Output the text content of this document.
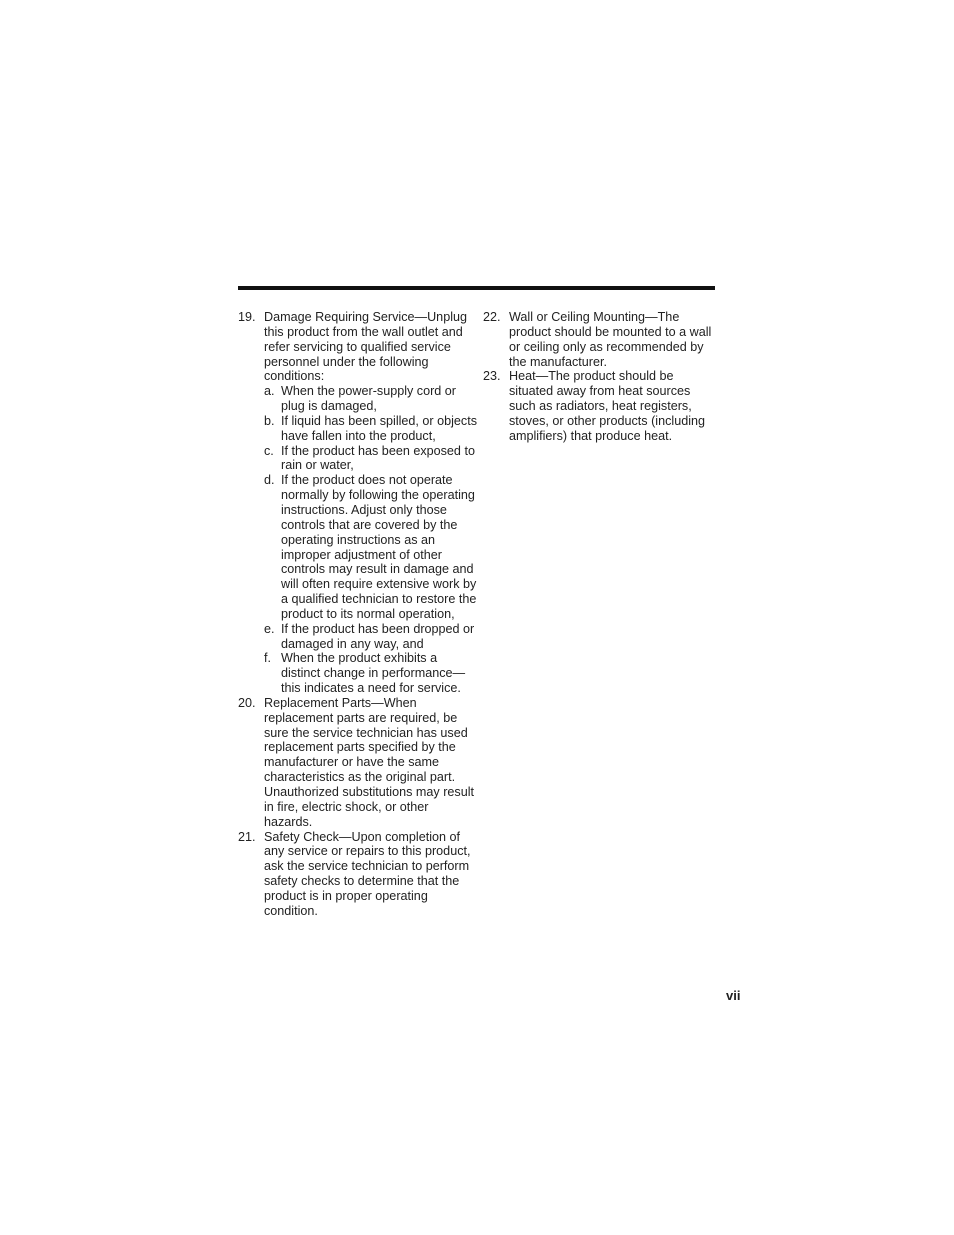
19. Damage Requiring Service—Unplug this product from the wall outlet and refer servicing to qualified service personnel under the following conditions:
a. When the power-supply cord or plug is damaged,
b. If liquid has been spilled, or objects have fallen into the product,
c. If the product has been exposed to rain or water,
d. If the product does not operate normally by following the operating instructions. Adjust only those controls that are covered by the operating instructions as an improper adjustment of other controls may result in damage and will often require extensive work by a qualified technician to restore the product to its normal operation,
e. If the product has been dropped or damaged in any way, and
f. When the product exhibits a distinct change in performance—this indicates a need for service.
20. Replacement Parts—When replacement parts are required, be sure the service technician has used replacement parts specified by the manufacturer or have the same characteristics as the original part. Unauthorized substitutions may result in fire, electric shock, or other hazards.
21. Safety Check—Upon completion of any service or repairs to this product, ask the service technician to perform safety checks to determine that the product is in proper operating condition.
22. Wall or Ceiling Mounting—The product should be mounted to a wall or ceiling only as recommended by the manufacturer.
23. Heat—The product should be situated away from heat sources such as radiators, heat registers, stoves, or other products (including amplifiers) that produce heat.
vii
